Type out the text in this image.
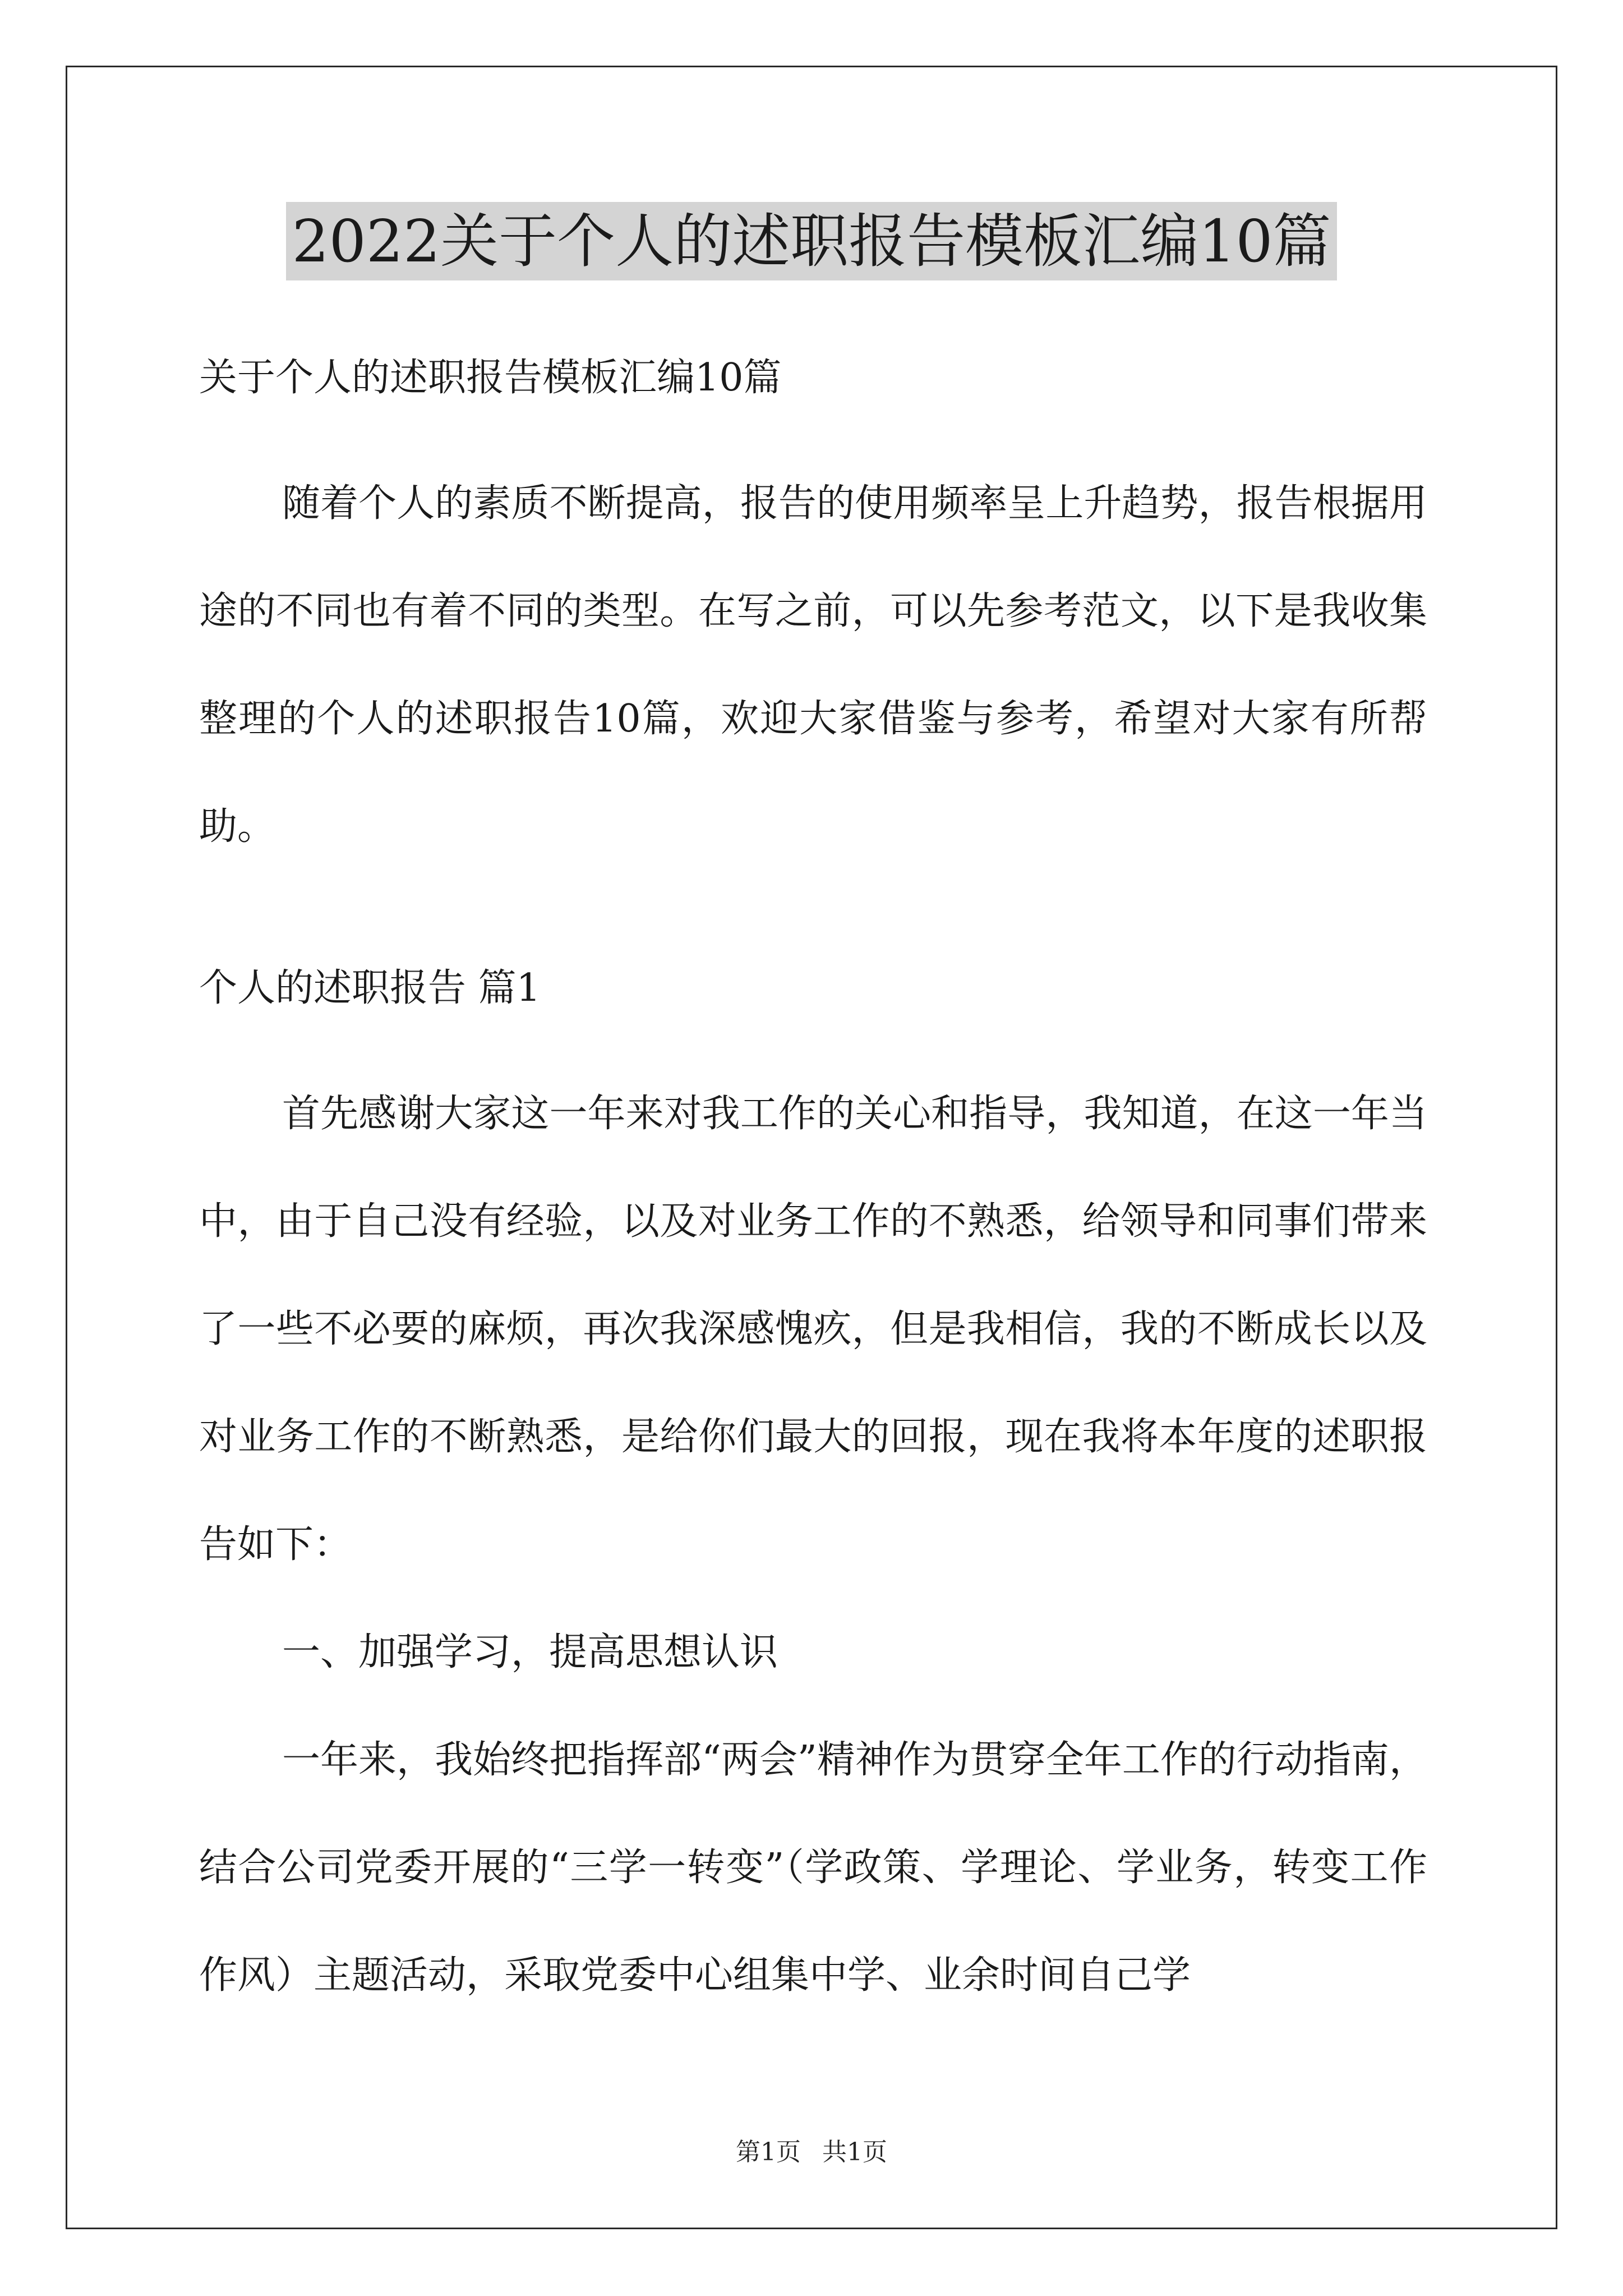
2022关于个人的述职报告模板汇编10篇
关于个人的述职报告模板汇编10篇

随着个人的素质不断提高，报告的使用频率呈上升趋势，报告根据用途的不同也有着不同的类型。在写之前，可以先参考范文，以下是我收集整理的个人的述职报告10篇，欢迎大家借鉴与参考，希望对大家有所帮助。

个人的述职报告 篇1

首先感谢大家这一年来对我工作的关心和指导，我知道，在这一年当中，由于自己没有经验，以及对业务工作的不熟悉，给领导和同事们带来了一些不必要的麻烦，再次我深感愧疚，但是我相信，我的不断成长以及对业务工作的不断熟悉，是给你们最大的回报，现在我将本年度的述职报告如下：

一、加强学习，提高思想认识

一年来，我始终把指挥部“两会”精神作为贯穿全年工作的行动指南，结合公司党委开展的“三学一转变”（学政策、学理论、学业务，转变工作作风）主题活动，采取党委中心组集中学、业余时间自己学

第1页 共1页
